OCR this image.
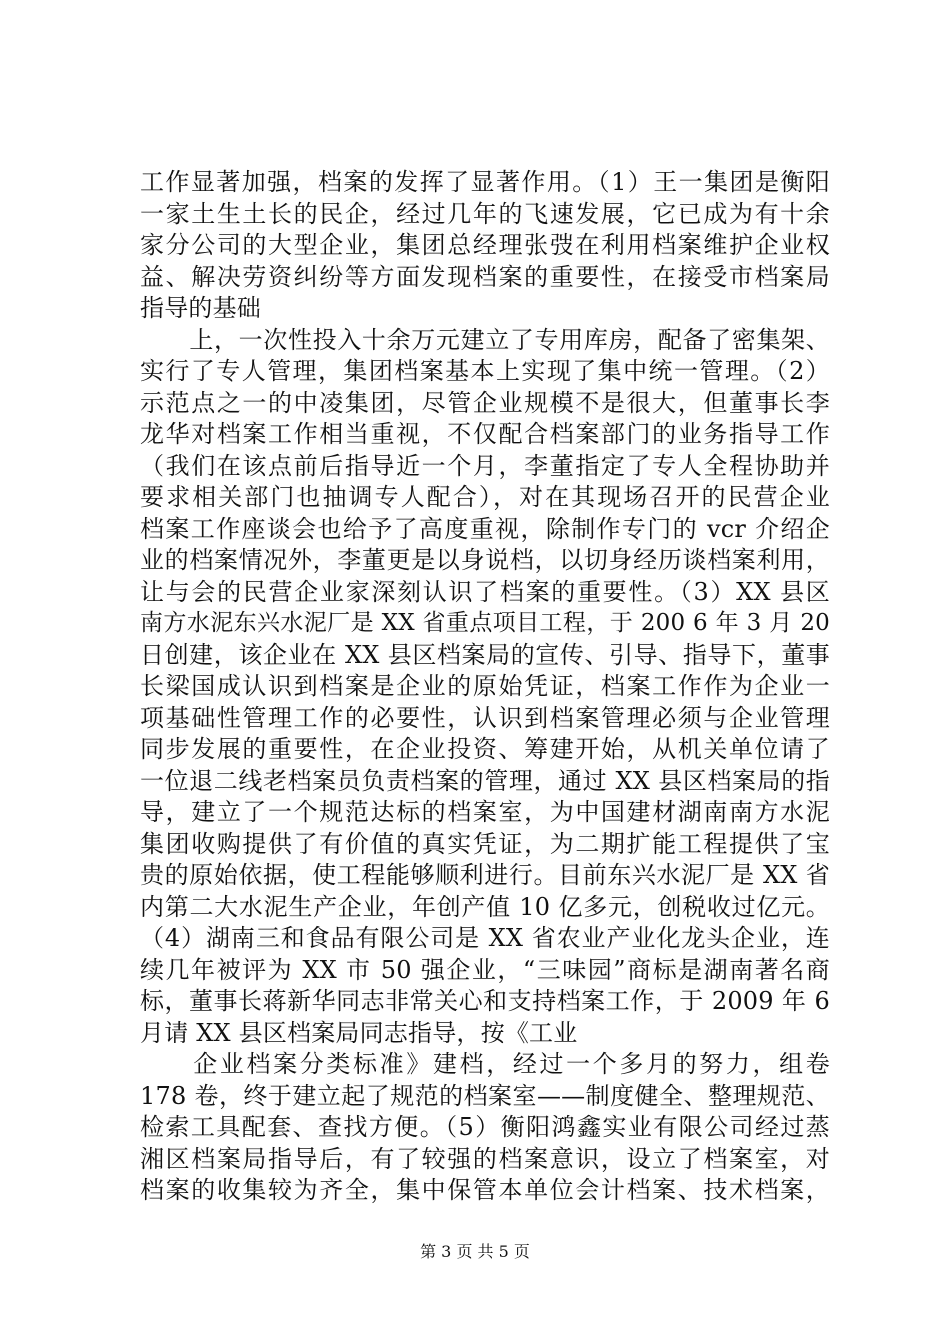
工作显著加强，档案的发挥了显著作用。（1）王一集团是衡阳
一家土生土长的民企，经过几年的飞速发展，它已成为有十余
家分公司的大型企业，集团总经理张弢在利用档案维护企业权
益、解决劳资纠纷等方面发现档案的重要性，在接受市档案局
指导的基础
　　上，一次性投入十余万元建立了专用库房，配备了密集架、
实行了专人管理，集团档案基本上实现了集中统一管理。（2）
示范点之一的中凌集团，尽管企业规模不是很大，但董事长李
龙华对档案工作相当重视，不仅配合档案部门的业务指导工作
（我们在该点前后指导近一个月，李董指定了专人全程协助并
要求相关部门也抽调专人配合），对在其现场召开的民营企业
档案工作座谈会也给予了高度重视，除制作专门的 vcr 介绍企
业的档案情况外，李董更是以身说档，以切身经历谈档案利用，
让与会的民营企业家深刻认识了档案的重要性。（3）XX 县区
南方水泥东兴水泥厂是 XX 省重点项目工程，于 200 6 年 3 月 20
日创建，该企业在 XX 县区档案局的宣传、引导、指导下，董事
长梁国成认识到档案是企业的原始凭证，档案工作作为企业一
项基础性管理工作的必要性，认识到档案管理必须与企业管理
同步发展的重要性，在企业投资、筹建开始，从机关单位请了
一位退二线老档案员负责档案的管理，通过 XX 县区档案局的指
导，建立了一个规范达标的档案室，为中国建材湖南南方水泥
集团收购提供了有价值的真实凭证，为二期扩能工程提供了宝
贵的原始依据，使工程能够顺利进行。目前东兴水泥厂是 XX 省
内第二大水泥生产企业，年创产值 10 亿多元，创税收过亿元。
（4）湖南三和食品有限公司是 XX 省农业产业化龙头企业，连
续几年被评为 XX 市 50 强企业，“三味园”商标是湖南著名商
标，董事长蒋新华同志非常关心和支持档案工作，于 2009 年 6
月请 XX 县区档案局同志指导，按《工业
　　企业档案分类标准》建档，经过一个多月的努力，组卷
178 卷，终于建立起了规范的档案室——制度健全、整理规范、
检索工具配套、查找方便。（5）衡阳鸿鑫实业有限公司经过蒸
湘区档案局指导后，有了较强的档案意识，设立了档案室，对
档案的收集较为齐全，集中保管本单位会计档案、技术档案，
第 3 页 共 5 页
